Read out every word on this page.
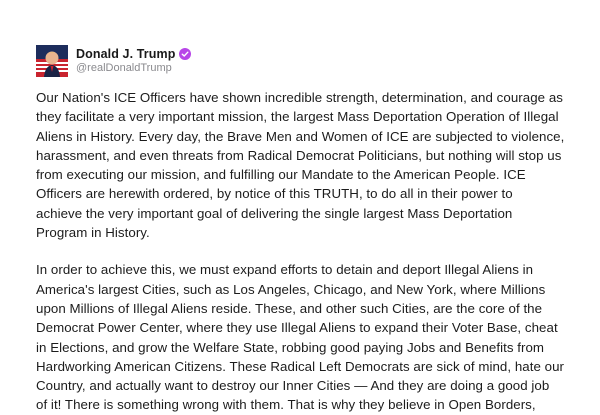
Donald J. Trump
@realDonaldTrump

Our Nation's ICE Officers have shown incredible strength, determination, and courage as
they facilitate a very important mission, the largest Mass Deportation Operation of Illegal
Aliens in History. Every day, the Brave Men and Women of ICE are subjected to violence,
harassment, and even threats from Radical Democrat Politicians, but nothing will stop us
from executing our mission, and fulfilling our Mandate to the American People. ICE
Officers are herewith ordered, by notice of this TRUTH, to do all in their power to
achieve the very important goal of delivering the single largest Mass Deportation
Program in History.

In order to achieve this, we must expand efforts to detain and deport Illegal Aliens in
America's largest Cities, such as Los Angeles, Chicago, and New York, where Millions
upon Millions of Illegal Aliens reside. These, and other such Cities, are the core of the
Democrat Power Center, where they use Illegal Aliens to expand their Voter Base, cheat
in Elections, and grow the Welfare State, robbing good paying Jobs and Benefits from
Hardworking American Citizens. These Radical Left Democrats are sick of mind, hate our
Country, and actually want to destroy our Inner Cities — And they are doing a good job
of it! There is something wrong with them. That is why they believe in Open Borders,
